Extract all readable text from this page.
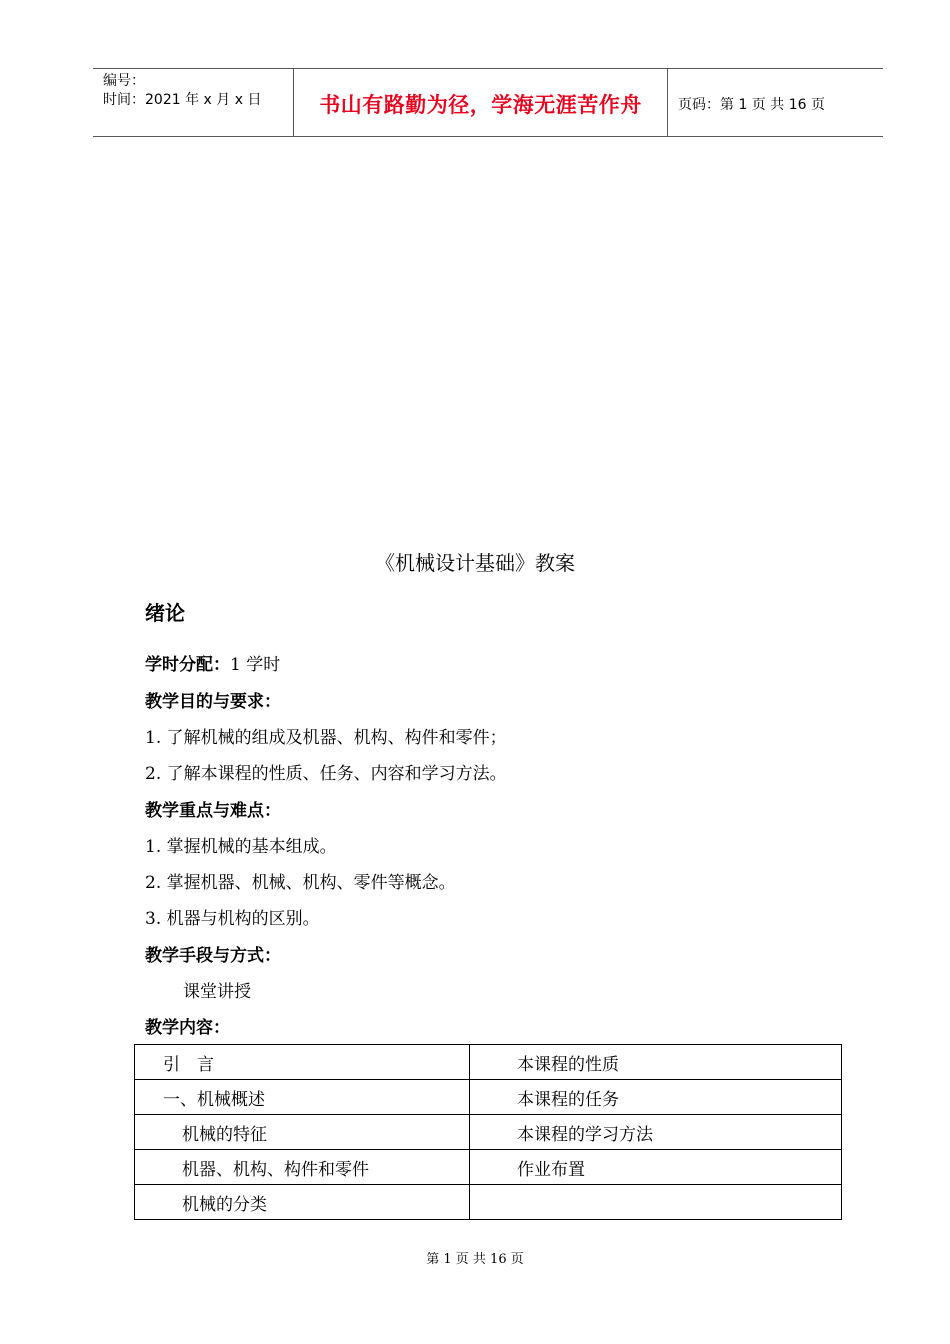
编号：
时间：2021 年 x 月 x 日	书山有路勤为径，学海无涯苦作舟	页码：第 1 页 共 16 页
《机械设计基础》教案
绪论
学时分配：1 学时
教学目的与要求：
1. 了解机械的组成及机器、机构、构件和零件；
2. 了解本课程的性质、任务、内容和学习方法。
教学重点与难点：
1. 掌握机械的基本组成。
2. 掌握机器、机械、机构、零件等概念。
3. 机器与机构的区别。
教学手段与方式：
课堂讲授
教学内容：
引　言	本课程的性质
一、机械概述	本课程的任务
机械的特征	本课程的学习方法
机器、机构、构件和零件	作业布置
机械的分类	
第 1 页 共 16 页
